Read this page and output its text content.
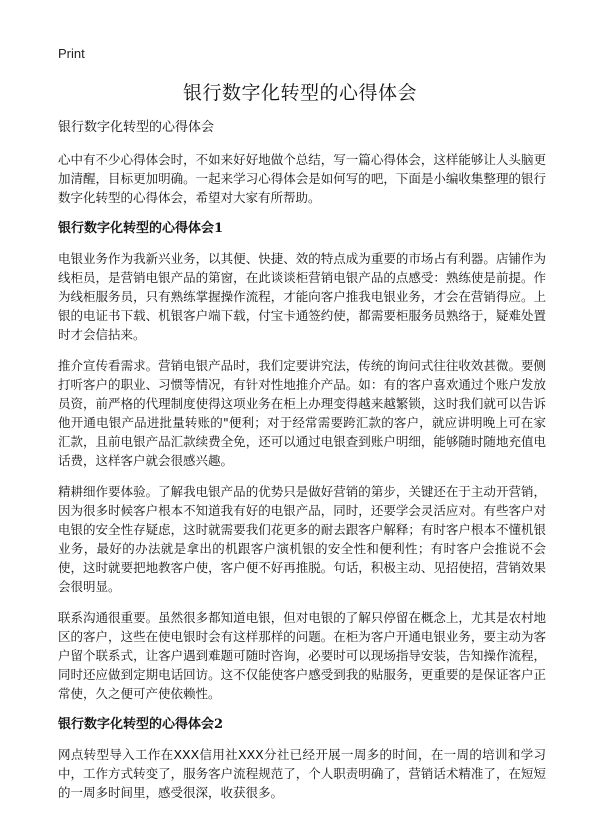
Print
银行数字化转型的心得体会

银行数字化转型的心得体会

心中有不少心得体会时，不如来好好地做个总结，写一篇心得体会，这样能够让人头脑更加清醒，目标更加明确。一起来学习心得体会是如何写的吧，下面是小编收集整理的银行数字化转型的心得体会，希望对大家有所帮助。

银行数字化转型的心得体会1

电银业务作为我新兴业务，以其便、快捷、效的特点成为重要的市场占有利器。店铺作为线柜员，是营销电银产品的第窗，在此谈谈柜营销电银产品的点感受：熟练使是前提。作为线柜服务员，只有熟练掌握操作流程，才能向客户推我电银业务，才会在营销得应。上银的电证书下载、机银客户端下载，付宝卡通签约使，都需要柜服务员熟络于，疑难处置时才会信拈来。

推介宣传看需求。营销电银产品时，我们定要讲究法，传统的询问式往往收效甚微。要侧打听客户的职业、习惯等情况，有针对性地推介产品。如：有的客户喜欢通过个账户发放员资，前严格的代理制度使得这项业务在柜上办理变得越来越繁锁，这时我们就可以告诉他开通电银产品进批量转账的"便利；对于经常需要跨汇款的客户，就应讲明晚上可在家汇款，且前电银产品汇款续费全免，还可以通过电银查到账户明细，能够随时随地充值电话费，这样客户就会很感兴趣。

精耕细作要体验。了解我电银产品的优势只是做好营销的第步，关键还在于主动开营销，因为很多时候客户根本不知道我有好的电银产品，同时，还要学会灵活应对。有些客户对电银的安全性存疑虑，这时就需要我们花更多的耐去跟客户解释；有时客户根本不懂机银业务，最好的办法就是拿出的机跟客户演机银的安全性和便利性；有时客户会推说不会使，这时就要把地教客户使，客户便不好再推脱。句话，积极主动、见招使招，营销效果会很明显。

联系沟通很重要。虽然很多都知道电银，但对电银的了解只停留在概念上，尤其是农村地区的客户，这些在使电银时会有这样那样的问题。在柜为客户开通电银业务，要主动为客户留个联系式，让客户遇到难题可随时咨询，必要时可以现场指导安装，告知操作流程，同时还应做到定期电话回访。这不仅能使客户感受到我的贴服务，更重要的是保证客户正常使，久之便可产使依赖性。

银行数字化转型的心得体会2

网点转型导入工作在XXX信用社XXX分社已经开展一周多的时间，在一周的培训和学习中，工作方式转变了，服务客户流程规范了，个人职责明确了，营销话术精准了，在短短的一周多时间里，感受很深，收获很多。
